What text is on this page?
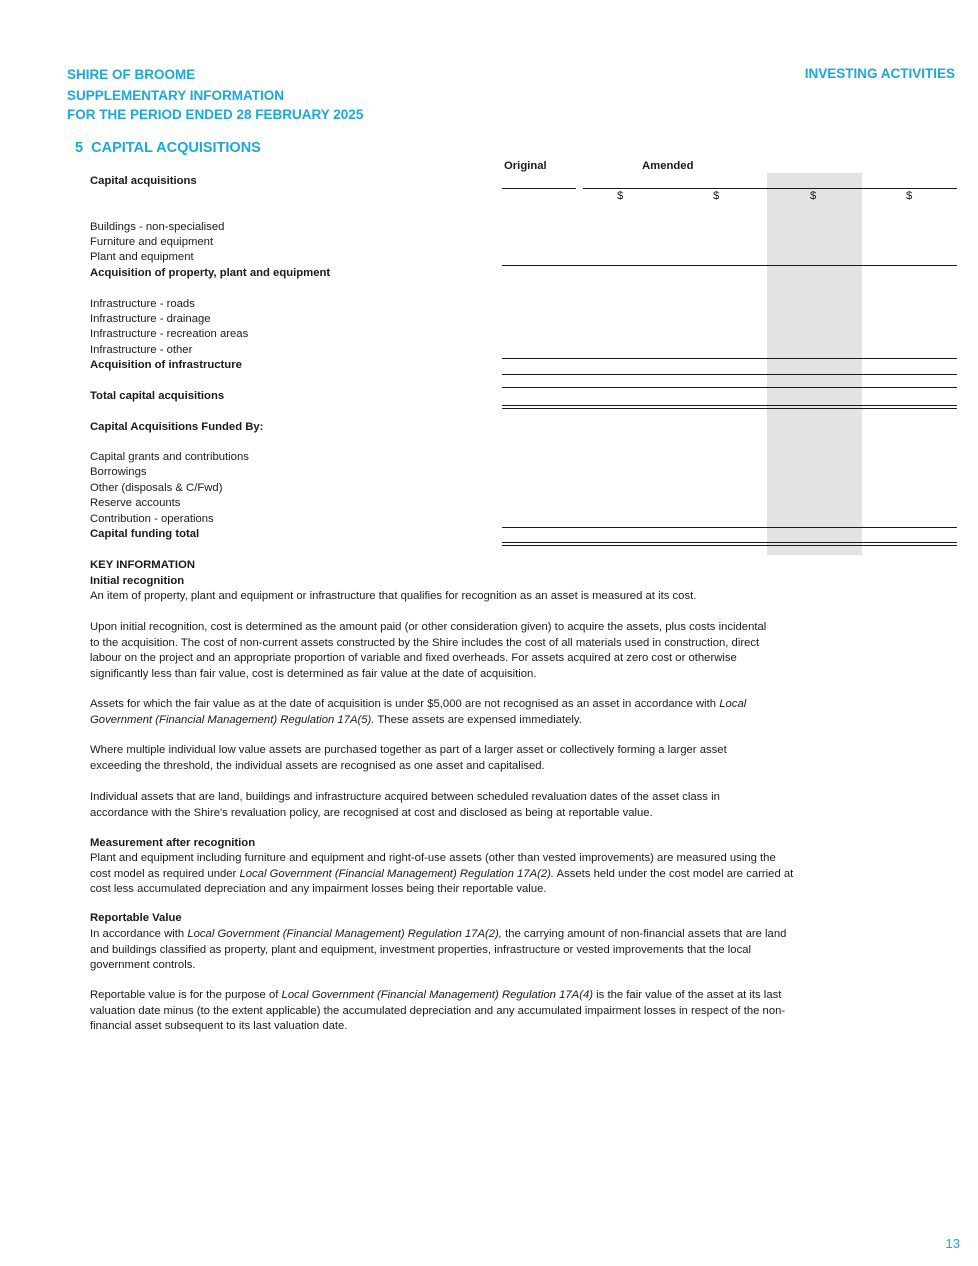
SHIRE OF BROOME
SUPPLEMENTARY INFORMATION
FOR THE PERIOD ENDED 28 FEBRUARY 2025
INVESTING ACTIVITIES
5 CAPITAL ACQUISITIONS
Original	Amended
Capital acquisitions
$	$	$	$
Buildings - non-specialised
Furniture and equipment
Plant and equipment
Acquisition of property, plant and equipment
Infrastructure - roads
Infrastructure - drainage
Infrastructure - recreation areas
Infrastructure - other
Acquisition of infrastructure
Total capital acquisitions
Capital Acquisitions Funded By:
Capital grants and contributions
Borrowings
Other (disposals & C/Fwd)
Reserve accounts
Contribution - operations
Capital funding total
KEY INFORMATION
Initial recognition
An item of property, plant and equipment or infrastructure that qualifies for recognition as an asset is measured at its cost.
Upon initial recognition, cost is determined as the amount paid (or other consideration given) to acquire the assets, plus costs incidental to the acquisition. The cost of non-current assets constructed by the Shire includes the cost of all materials used in construction, direct labour on the project and an appropriate proportion of variable and fixed overheads. For assets acquired at zero cost or otherwise significantly less than fair value, cost is determined as fair value at the date of acquisition.
Assets for which the fair value as at the date of acquisition is under $5,000 are not recognised as an asset in accordance with Local Government (Financial Management) Regulation 17A(5). These assets are expensed immediately.
Where multiple individual low value assets are purchased together as part of a larger asset or collectively forming a larger asset exceeding the threshold, the individual assets are recognised as one asset and capitalised.
Individual assets that are land, buildings and infrastructure acquired between scheduled revaluation dates of the asset class in accordance with the Shire's revaluation policy, are recognised at cost and disclosed as being at reportable value.
Measurement after recognition
Plant and equipment including furniture and equipment and right-of-use assets (other than vested improvements) are measured using the cost model as required under Local Government (Financial Management) Regulation 17A(2). Assets held under the cost model are carried at cost less accumulated depreciation and any impairment losses being their reportable value.
Reportable Value
In accordance with Local Government (Financial Management) Regulation 17A(2), the carrying amount of non-financial assets that are land and buildings classified as property, plant and equipment, investment properties, infrastructure or vested improvements that the local government controls.
Reportable value is for the purpose of Local Government (Financial Management) Regulation 17A(4) is the fair value of the asset at its last valuation date minus (to the extent applicable) the accumulated depreciation and any accumulated impairment losses in respect of the non-financial asset subsequent to its last valuation date.
13
